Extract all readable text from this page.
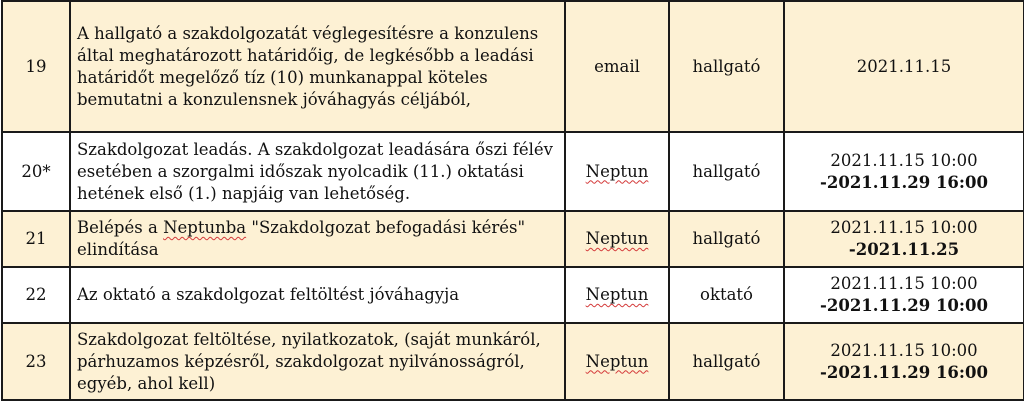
19	A hallgató a szakdolgozatát véglegesítésre a konzulens által meghatározott határidőig, de legkésőbb a leadási határidőt megelőző tíz (10) munkanappal köteles bemutatni a konzulensnek jóváhagyás céljából,	email	hallgató	2021.11.15

20*	Szakdolgozat leadás. A szakdolgozat leadására őszi félév esetében a szorgalmi időszak nyolcadik (11.) oktatási hetének első (1.) napjáig van lehetőség.	Neptun	hallgató	2021.11.15 10:00
-2021.11.29 16:00

21	Belépés a Neptunba "Szakdolgozat befogadási kérés" elindítása	Neptun	hallgató	2021.11.15 10:00
-2021.11.25

22	Az oktató a szakdolgozat feltöltést jóváhagyja	Neptun	oktató	2021.11.15 10:00
-2021.11.29 10:00

23	Szakdolgozat feltöltése, nyilatkozatok, (saját munkáról, párhuzamos képzésről, szakdolgozat nyilvánosságról, egyéb, ahol kell)	Neptun	hallgató	2021.11.15 10:00
-2021.11.29 16:00
